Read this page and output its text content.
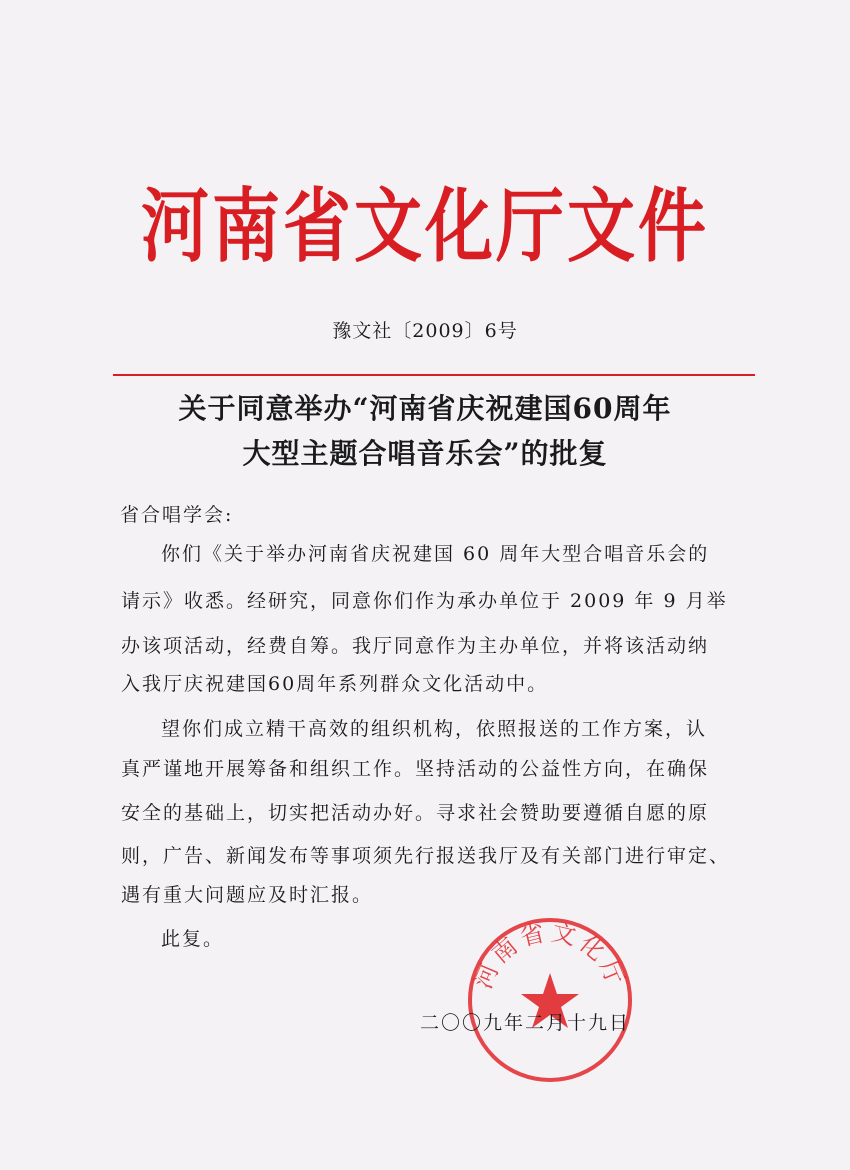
河南省文化厅文件
豫文社〔2009〕6号
关于同意举办“河南省庆祝建国60周年
大型主题合唱音乐会”的批复
省合唱学会:
你们《关于举办河南省庆祝建国 60 周年大型合唱音乐会的
请示》收悉。经研究，同意你们作为承办单位于 2009 年 9 月举
办该项活动，经费自筹。我厅同意作为主办单位，并将该活动纳
入我厅庆祝建国60周年系列群众文化活动中。
望你们成立精干高效的组织机构，依照报送的工作方案，认
真严谨地开展筹备和组织工作。坚持活动的公益性方向，在确保
安全的基础上，切实把活动办好。寻求社会赞助要遵循自愿的原
则，广告、新闻发布等事项须先行报送我厅及有关部门进行审定、
遇有重大问题应及时汇报。
此复。
河南省文化厅
二〇〇九年二月十九日
